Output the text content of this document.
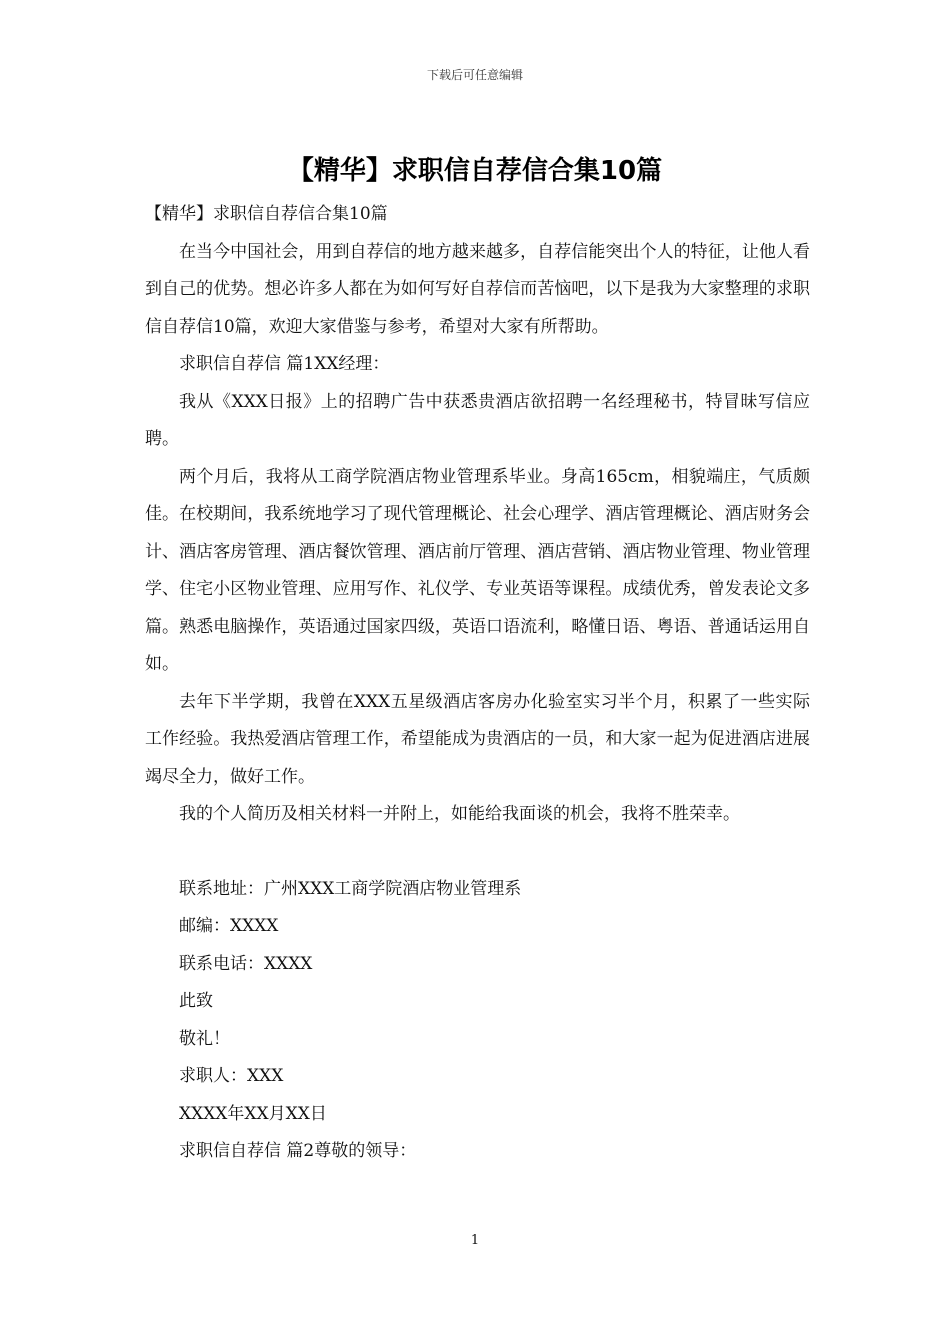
下载后可任意编辑
【精华】求职信自荐信合集10篇

【精华】求职信自荐信合集10篇

在当今中国社会，用到自荐信的地方越来越多，自荐信能突出个人的特征，让他人看到自己的优势。想必许多人都在为如何写好自荐信而苦恼吧，以下是我为大家整理的求职信自荐信10篇，欢迎大家借鉴与参考，希望对大家有所帮助。

求职信自荐信 篇1XX经理：

我从《XXX日报》上的招聘广告中获悉贵酒店欲招聘一名经理秘书，特冒昧写信应聘。

两个月后，我将从工商学院酒店物业管理系毕业。身高165cm，相貌端庄，气质颇佳。在校期间，我系统地学习了现代管理概论、社会心理学、酒店管理概论、酒店财务会计、酒店客房管理、酒店餐饮管理、酒店前厅管理、酒店营销、酒店物业管理、物业管理学、住宅小区物业管理、应用写作、礼仪学、专业英语等课程。成绩优秀，曾发表论文多篇。熟悉电脑操作，英语通过国家四级，英语口语流利，略懂日语、粤语、普通话运用自如。

去年下半学期，我曾在XXX五星级酒店客房办化验室实习半个月，积累了一些实际工作经验。我热爱酒店管理工作，希望能成为贵酒店的一员，和大家一起为促进酒店进展竭尽全力，做好工作。

我的个人简历及相关材料一并附上，如能给我面谈的机会，我将不胜荣幸。

联系地址：广州XXX工商学院酒店物业管理系

邮编：XXXX

联系电话：XXXX

此致

敬礼！

求职人：XXX

XXXX年XX月XX日

求职信自荐信 篇2尊敬的领导：

1
